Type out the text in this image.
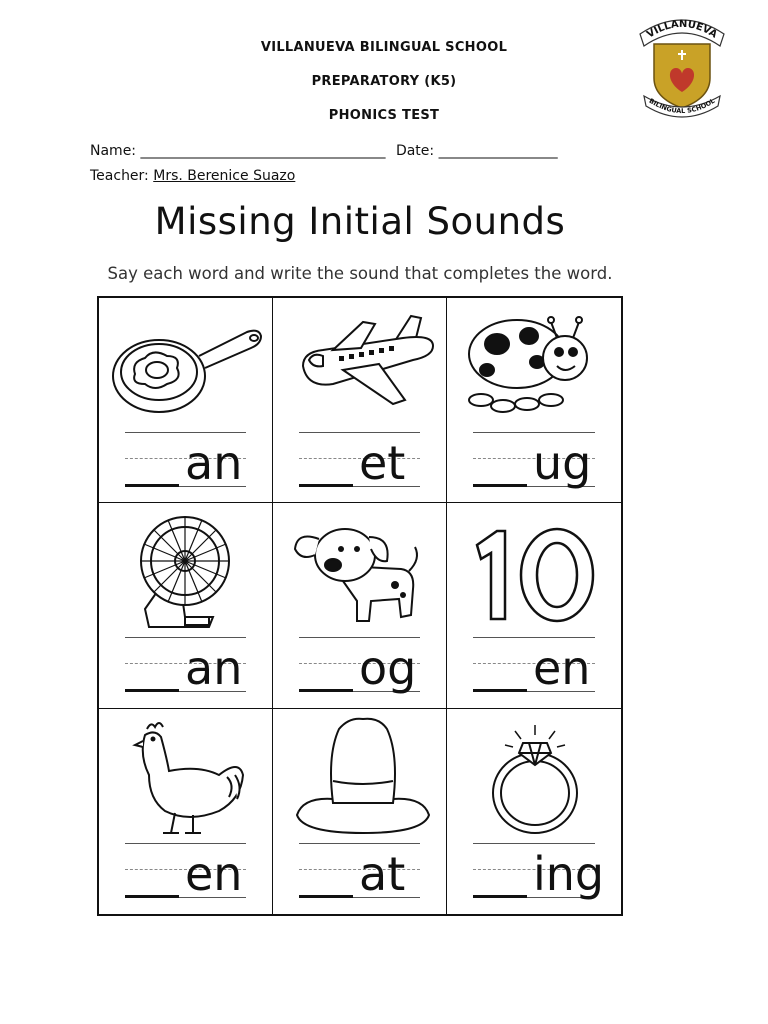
VILLANUEVA BILINGUAL SCHOOL
PREPARATORY (K5)
PHONICS TEST
VILLANUEVA
BILINGUAL SCHOOL
Name: ___________________________________ Date: _________________
Teacher: Mrs. Berenice Suazo
Missing Initial Sounds
Say each word and write the sound that completes the word.
an	et	ug
an	og	en
en	at	ing
